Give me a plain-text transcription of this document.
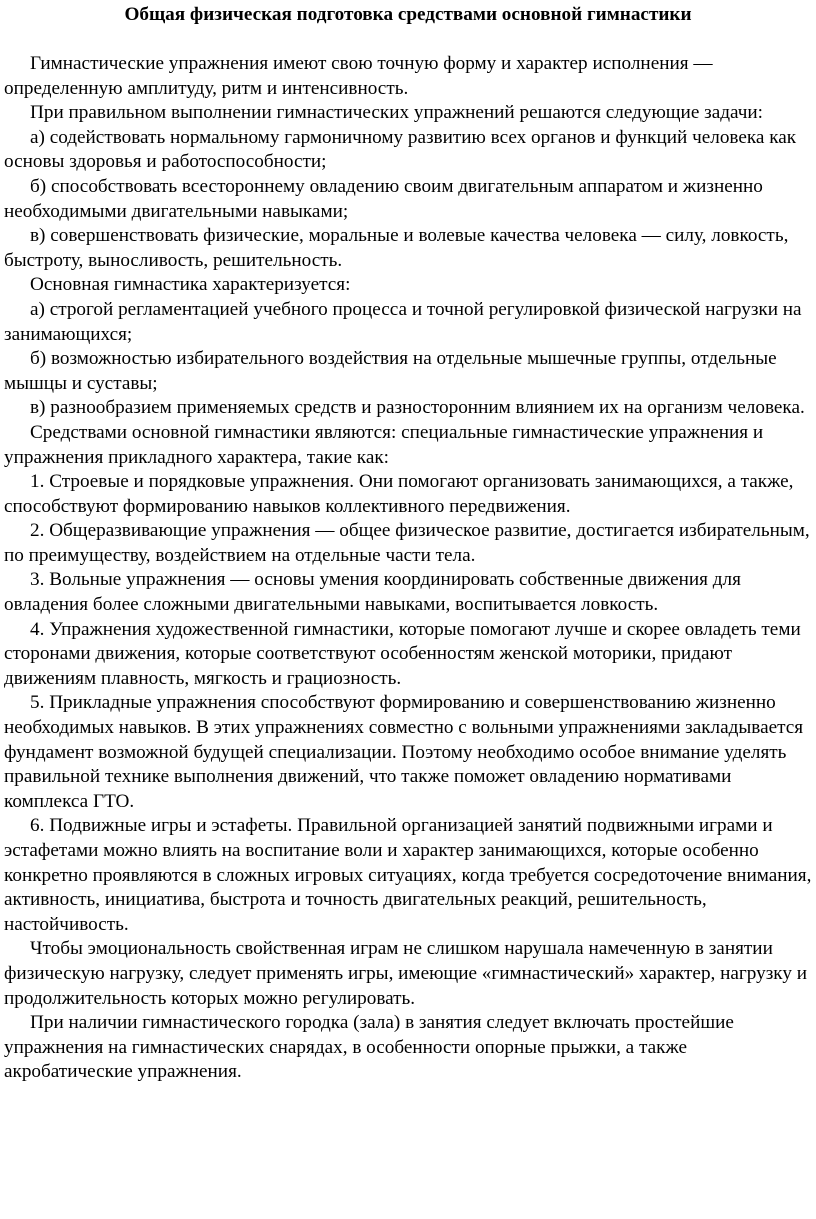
Общая физическая подготовка средствами основной гимнастики

Гимнастические упражнения имеют свою точную форму и характер исполнения — определенную амплитуду, ритм и интенсивность.

При правильном выполнении гимнастических упражнений решаются следующие задачи:

а) содействовать нормальному гармоничному развитию всех органов и функций человека как основы здоровья и работоспособности;

б) способствовать всестороннему овладению своим двигательным аппаратом и жизненно необходимыми двигательными навыками;

в) совершенствовать физические, моральные и волевые качества человека — силу, ловкость, быстроту, выносливость, решительность.

Основная гимнастика характеризуется:

а) строгой регламентацией учебного процесса и точной регулировкой физической нагрузки на занимающихся;

б) возможностью избирательного воздействия на отдельные мышечные группы, отдельные мышцы и суставы;

в) разнообразием применяемых средств и разносторонним влиянием их на организм человека.

Средствами основной гимнастики являются: специальные гимнастические упражнения и упражнения прикладного характера, такие как:

1. Строевые и порядковые упражнения. Они помогают организовать занимающихся, а также, способствуют формированию навыков коллективного передвижения.

2. Общеразвивающие упражнения — общее физическое развитие, достигается избирательным, по преимуществу, воздействием на отдельные части тела.

3. Вольные упражнения — основы умения координировать собственные движения для овладения более сложными двигательными навыками, воспитывается ловкость.

4. Упражнения художественной гимнастики, которые помогают лучше и скорее овладеть теми сторонами движения, которые соответствуют особенностям женской моторики, придают движениям плавность, мягкость и грациозность.

5. Прикладные упражнения способствуют формированию и совершенствованию жизненно необходимых навыков. В этих упражнениях совместно с вольными упражнениями закладывается фундамент возможной будущей специализации. Поэтому необходимо особое внимание уделять правильной технике выполнения движений, что также поможет овладению нормативами комплекса ГТО.

6. Подвижные игры и эстафеты. Правильной организацией занятий подвижными играми и эстафетами можно влиять на воспитание воли и характер занимающихся, которые особенно конкретно проявляются в сложных игровых ситуациях, когда требуется сосредоточение внимания, активность, инициатива, быстрота и точность двигательных реакций, решительность, настойчивость.

Чтобы эмоциональность свойственная играм не слишком нарушала намеченную в занятии физическую нагрузку, следует применять игры, имеющие «гимнастический» характер, нагрузку и продолжительность которых можно регулировать.

При наличии гимнастического городка (зала) в занятия следует включать простейшие упражнения на гимнастических снарядах, в особенности опорные прыжки, а также акробатические упражнения.
